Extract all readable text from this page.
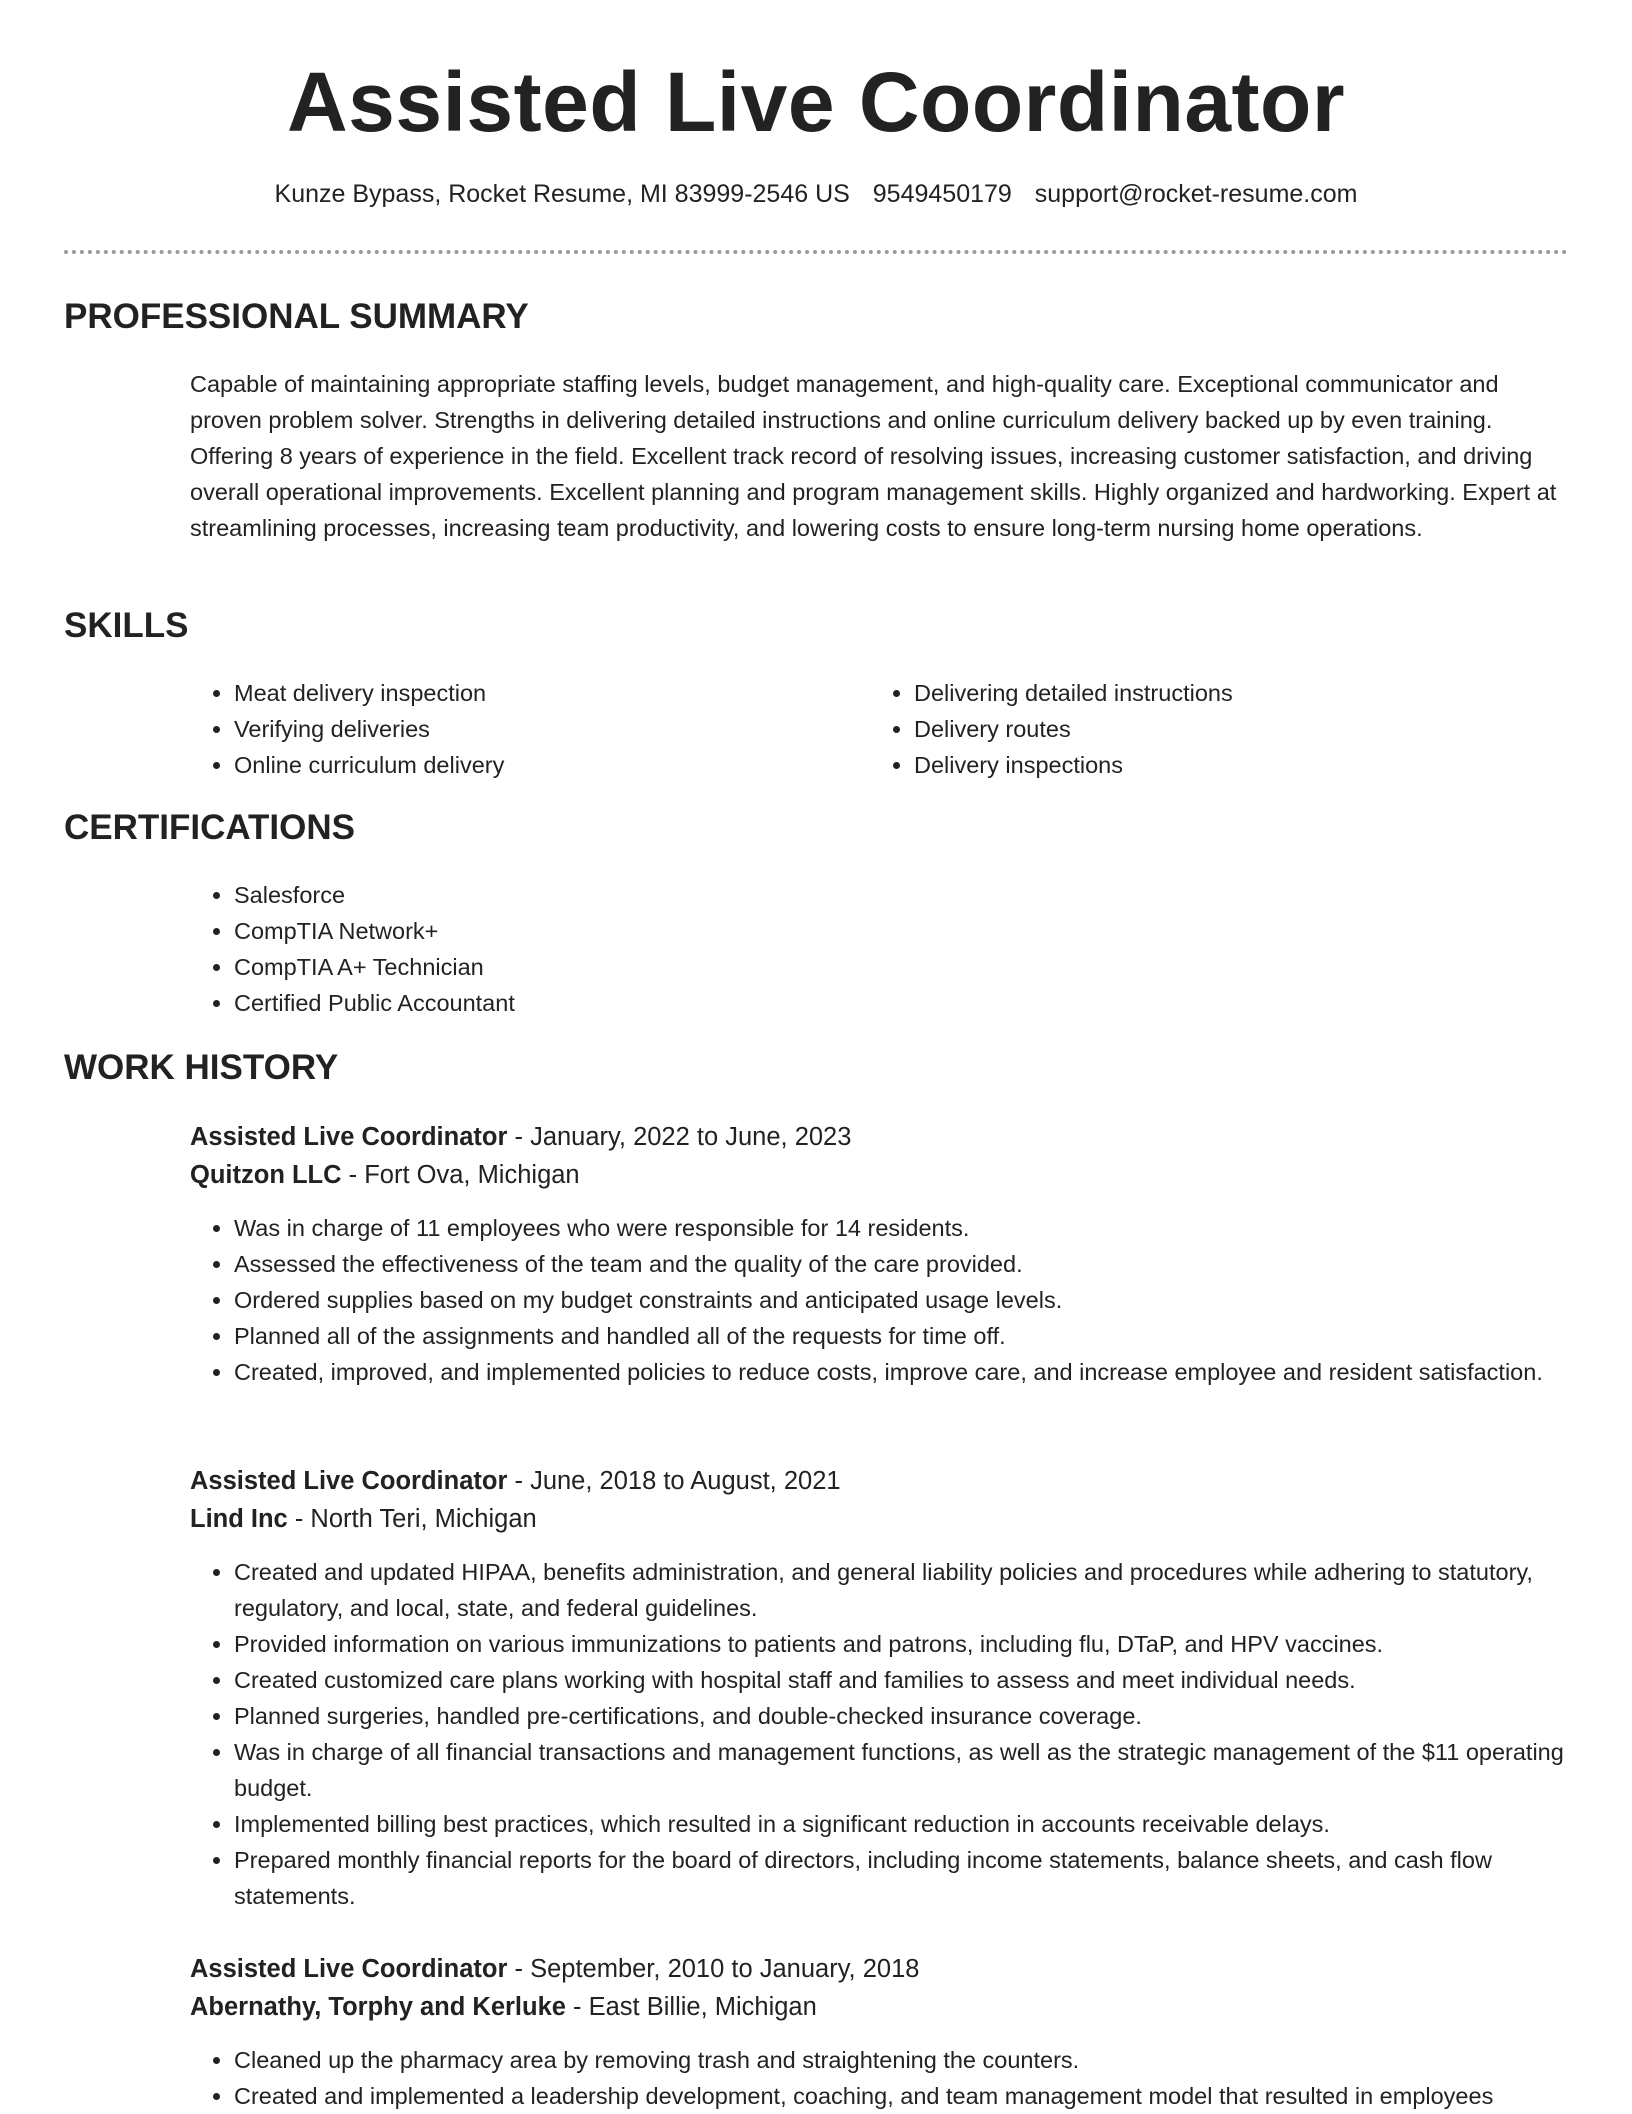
Assisted Live Coordinator
Kunze Bypass, Rocket Resume, MI 83999-2546 US 9549450179 support@rocket-resume.com
PROFESSIONAL SUMMARY

Capable of maintaining appropriate staffing levels, budget management, and high-quality care. Exceptional communicator and proven problem solver. Strengths in delivering detailed instructions and online curriculum delivery backed up by even training. Offering 8 years of experience in the field. Excellent track record of resolving issues, increasing customer satisfaction, and driving overall operational improvements. Excellent planning and program management skills. Highly organized and hardworking. Expert at streamlining processes, increasing team productivity, and lowering costs to ensure long-term nursing home operations.

SKILLS
• Meat delivery inspection
• Verifying deliveries
• Online curriculum delivery
• Delivering detailed instructions
• Delivery routes
• Delivery inspections
CERTIFICATIONS
• Salesforce
• CompTIA Network+
• CompTIA A+ Technician
• Certified Public Accountant
WORK HISTORY
Assisted Live Coordinator - January, 2022 to June, 2023
Quitzon LLC - Fort Ova, Michigan
• Was in charge of 11 employees who were responsible for 14 residents.
• Assessed the effectiveness of the team and the quality of the care provided.
• Ordered supplies based on my budget constraints and anticipated usage levels.
• Planned all of the assignments and handled all of the requests for time off.
• Created, improved, and implemented policies to reduce costs, improve care, and increase employee and resident satisfaction.
Assisted Live Coordinator - June, 2018 to August, 2021
Lind Inc - North Teri, Michigan
• Created and updated HIPAA, benefits administration, and general liability policies and procedures while adhering to statutory, regulatory, and local, state, and federal guidelines.
• Provided information on various immunizations to patients and patrons, including flu, DTaP, and HPV vaccines.
• Created customized care plans working with hospital staff and families to assess and meet individual needs.
• Planned surgeries, handled pre-certifications, and double-checked insurance coverage.
• Was in charge of all financial transactions and management functions, as well as the strategic management of the $11 operating budget.
• Implemented billing best practices, which resulted in a significant reduction in accounts receivable delays.
• Prepared monthly financial reports for the board of directors, including income statements, balance sheets, and cash flow statements.
Assisted Live Coordinator - September, 2010 to January, 2018
Abernathy, Torphy and Kerluke - East Billie, Michigan
• Cleaned up the pharmacy area by removing trash and straightening the counters.
• Created and implemented a leadership development, coaching, and team management model that resulted in employees
